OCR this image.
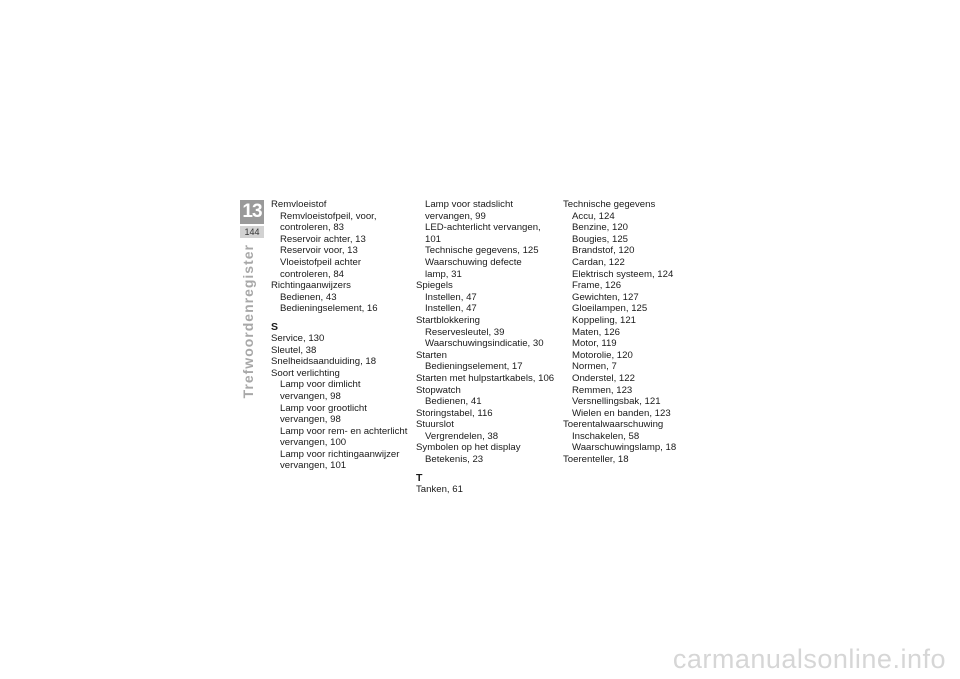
13
144
Trefwoordenregister
Remvloeistof
Remvloeistofpeil, voor,
controleren, 83
Reservoir achter, 13
Reservoir voor, 13
Vloeistofpeil achter
controleren, 84
Richtingaanwijzers
Bedienen, 43
Bedieningselement, 16
S
Service, 130
Sleutel, 38
Snelheidsaanduiding, 18
Soort verlichting
Lamp voor dimlicht
vervangen, 98
Lamp voor grootlicht
vervangen, 98
Lamp voor rem- en achterlicht
vervangen, 100
Lamp voor richtingaanwijzer
vervangen, 101
Lamp voor stadslicht
vervangen, 99
LED-achterlicht vervangen, 101
Technische gegevens, 125
Waarschuwing defecte
lamp, 31
Spiegels
Instellen, 47
Instellen, 47
Startblokkering
Reservesleutel, 39
Waarschuwingsindicatie, 30
Starten
Bedieningselement, 17
Starten met hulpstartkabels, 106
Stopwatch
Bedienen, 41
Storingstabel, 116
Stuurslot
Vergrendelen, 38
Symbolen op het display
Betekenis, 23
T
Tanken, 61
Technische gegevens
Accu, 124
Benzine, 120
Bougies, 125
Brandstof, 120
Cardan, 122
Elektrisch systeem, 124
Frame, 126
Gewichten, 127
Gloeilampen, 125
Koppeling, 121
Maten, 126
Motor, 119
Motorolie, 120
Normen, 7
Onderstel, 122
Remmen, 123
Versnellingsbak, 121
Wielen en banden, 123
Toerentalwaarschuwing
Inschakelen, 58
Waarschuwingslamp, 18
Toerenteller, 18
carmanualsonline.info
